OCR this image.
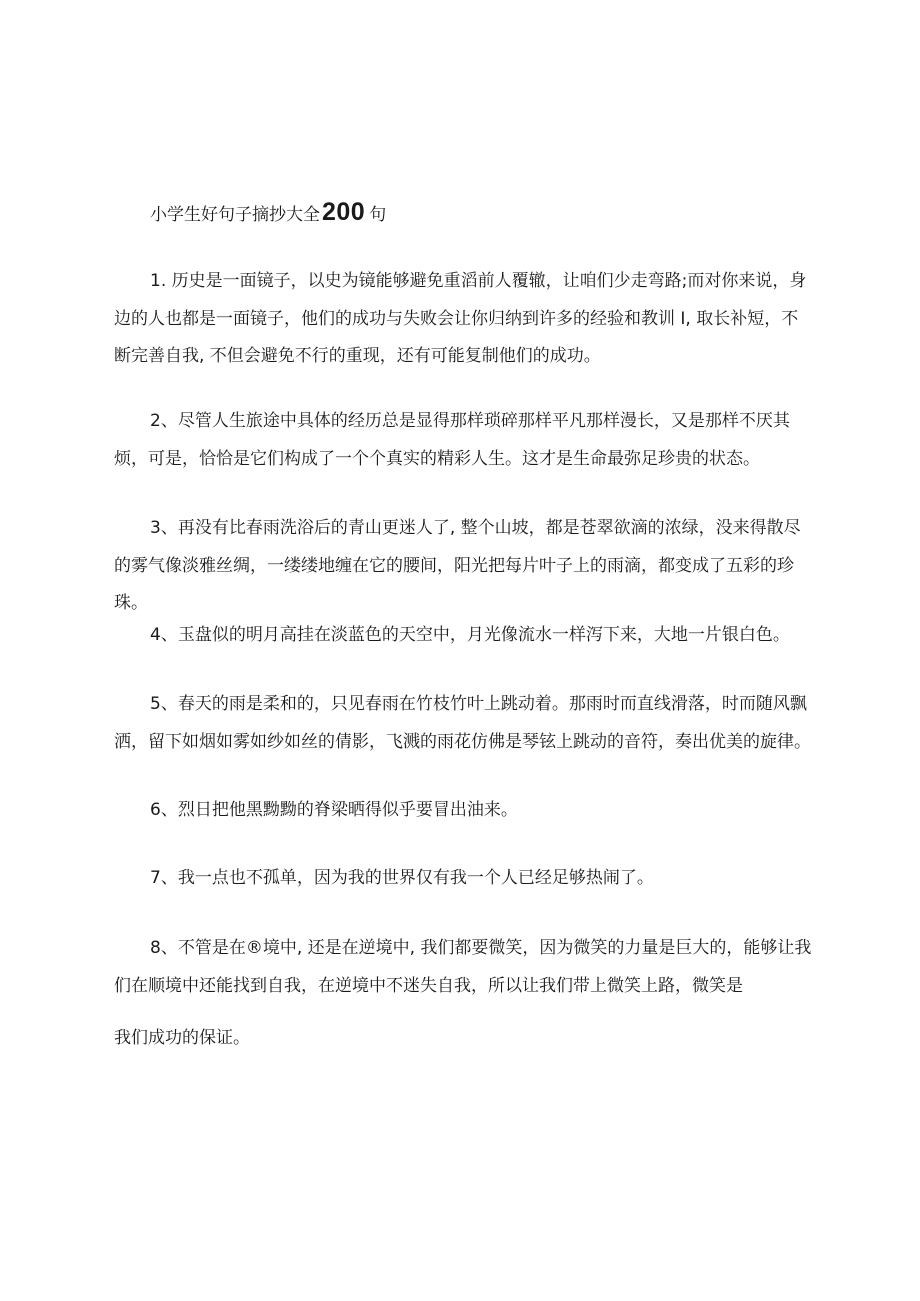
小学生好句子摘抄大全200 句

1. 历史是一面镜子，以史为镜能够避免重滔前人覆辙，让咱们少走弯路;而对你来说，身边的人也都是一面镜子，他们的成功与失败会让你归纳到许多的经验和教训 I, 取长补短，不断完善自我, 不但会避免不行的重现，还有可能复制他们的成功。

2、尽管人生旅途中具体的经历总是显得那样琐碎那样平凡那样漫长，又是那样不厌其烦，可是，恰恰是它们构成了一个个真实的精彩人生。这才是生命最弥足珍贵的状态。

3、再没有比春雨洗浴后的青山更迷人了, 整个山坡，都是苍翠欲滴的浓绿，没来得散尽的雾气像淡雅丝绸，一缕缕地缠在它的腰间，阳光把每片叶子上的雨滴，都变成了五彩的珍珠。

4、玉盘似的明月高挂在淡蓝色的天空中，月光像流水一样泻下来，大地一片银白色。

5、春天的雨是柔和的，只见春雨在竹枝竹叶上跳动着。那雨时而直线滑落，时而随风飘洒，留下如烟如雾如纱如丝的倩影，飞溅的雨花仿佛是琴铉上跳动的音符，奏出优美的旋律。

6、烈日把他黑黝黝的脊梁晒得似乎要冒出油来。

7、我一点也不孤单，因为我的世界仅有我一个人已经足够热闹了。

8、不管是在®境中, 还是在逆境中, 我们都要微笑，因为微笑的力量是巨大的，能够让我们在顺境中还能找到自我，在逆境中不迷失自我，所以让我们带上微笑上路，微笑是

我们成功的保证。
